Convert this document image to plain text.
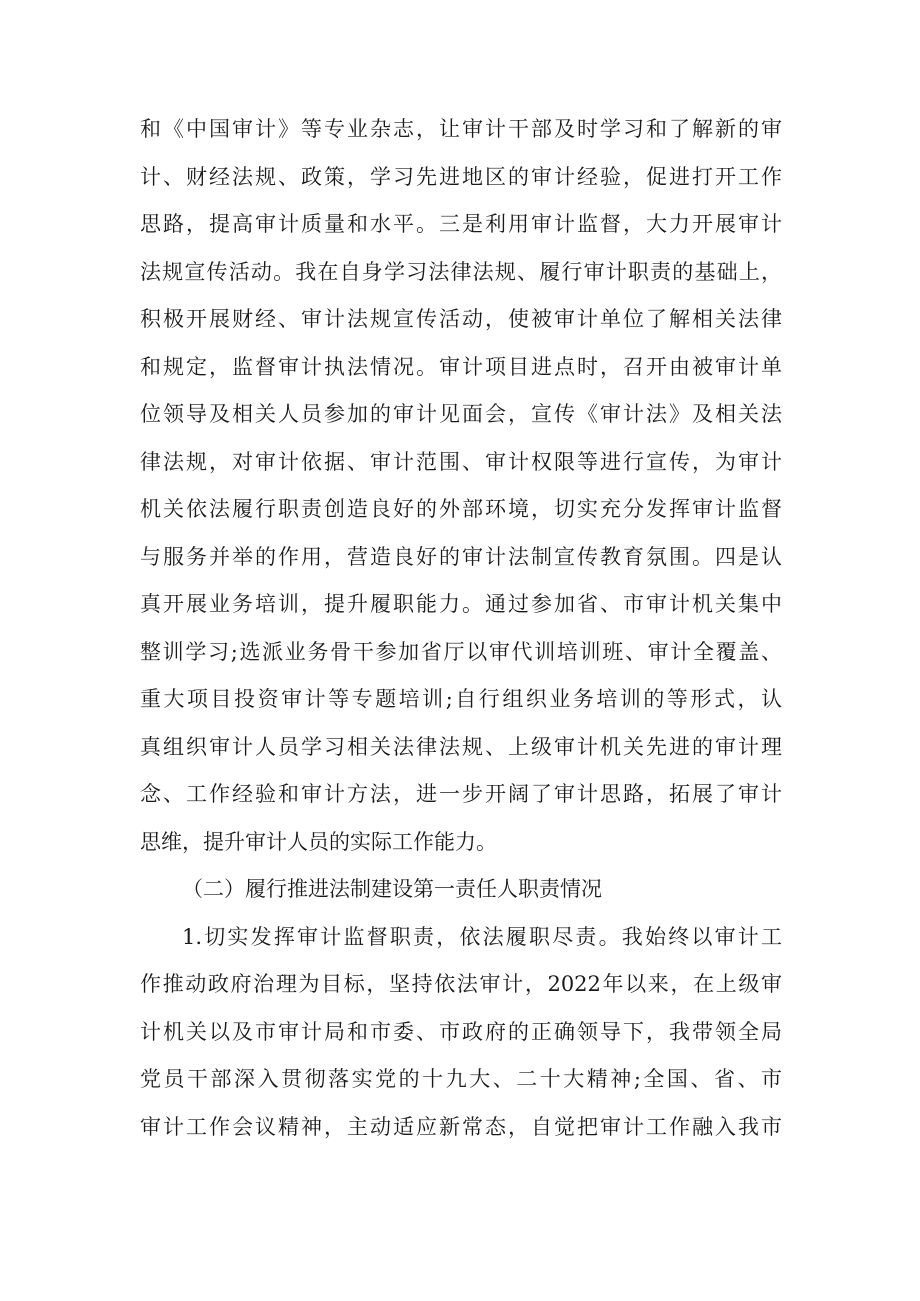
和《中国审计》等专业杂志，让审计干部及时学习和了解新的审
计、财经法规、政策，学习先进地区的审计经验，促进打开工作
思路，提高审计质量和水平。三是利用审计监督，大力开展审计
法规宣传活动。我在自身学习法律法规、履行审计职责的基础上，
积极开展财经、审计法规宣传活动，使被审计单位了解相关法律
和规定，监督审计执法情况。审计项目进点时，召开由被审计单
位领导及相关人员参加的审计见面会，宣传《审计法》及相关法
律法规，对审计依据、审计范围、审计权限等进行宣传，为审计
机关依法履行职责创造良好的外部环境，切实充分发挥审计监督
与服务并举的作用，营造良好的审计法制宣传教育氛围。四是认
真开展业务培训，提升履职能力。通过参加省、市审计机关集中
整训学习;选派业务骨干参加省厅以审代训培训班、审计全覆盖、
重大项目投资审计等专题培训;自行组织业务培训的等形式，认
真组织审计人员学习相关法律法规、上级审计机关先进的审计理
念、工作经验和审计方法，进一步开阔了审计思路，拓展了审计
思维，提升审计人员的实际工作能力。
（二）履行推进法制建设第一责任人职责情况
1.切实发挥审计监督职责，依法履职尽责。我始终以审计工
作推动政府治理为目标，坚持依法审计，2022年以来，在上级审
计机关以及市审计局和市委、市政府的正确领导下，我带领全局
党员干部深入贯彻落实党的十九大、二十大精神;全国、省、市
审计工作会议精神，主动适应新常态，自觉把审计工作融入我市
